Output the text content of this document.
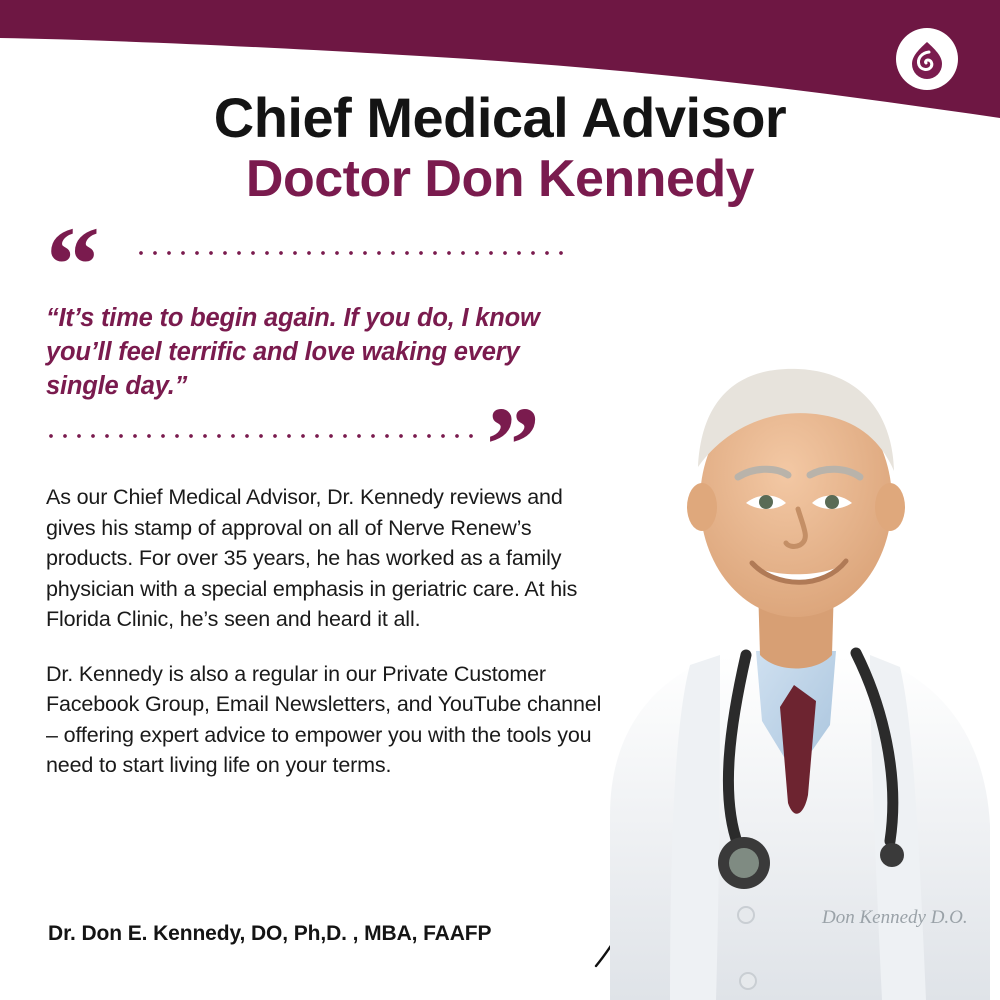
Chief Medical Advisor
Doctor Don Kennedy
“
“It’s time to begin again. If you do, I know you’ll feel terrific and love waking every single day.”
”

As our Chief Medical Advisor, Dr. Kennedy reviews and gives his stamp of approval on all of Nerve Renew’s products. For over 35 years, he has worked as a family physician with a special emphasis in geriatric care. At his Florida Clinic, he’s seen and heard it all.

Dr. Kennedy is also a regular in our Private Customer Facebook Group, Email Newsletters, and YouTube channel – offering expert advice to empower you with the tools you need to start living life on your terms.

Dr. Don E. Kennedy, DO, Ph,D. , MBA, FAAFP
Don Kennedy D.O.
